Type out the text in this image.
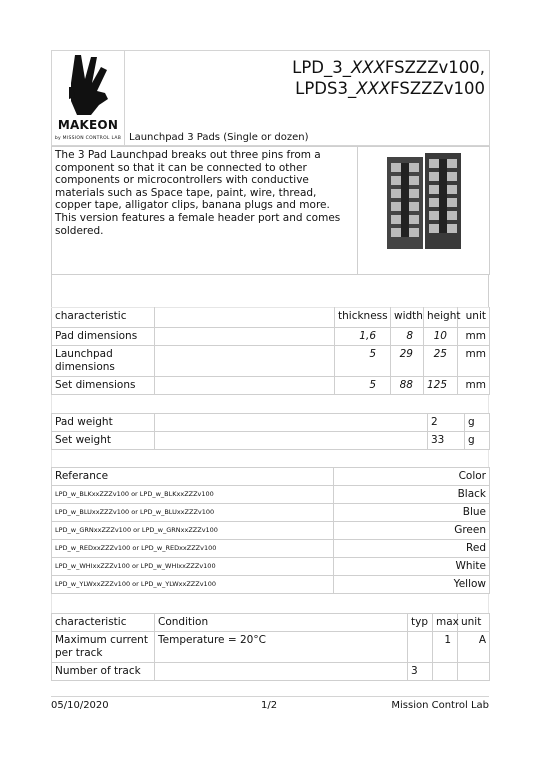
MAKEON
by MISSION CONTROL LAB

LPD_3_XXXFSZZZv100,
LPDS3_XXXFSZZZv100
Launchpad 3 Pads (Single or dozen)
The 3 Pad Launchpad breaks out three pins from a component so that it can be connected to other components or microcontrollers with conductive materials such as Space tape, paint, wire, thread, copper tape, alligator clips, banana plugs and more. This version features a female header port and comes soldered.	
characteristic		thickness	width	height	unit
Pad dimensions		1,6	8	10	mm
Launchpad dimensions		5	29	25	mm
Set dimensions		5	88	125	mm
Pad weight		2	g
Set weight		33	g
Referance	Color
LPD_w_BLKxxZZZv100 or LPD_w_BLKxxZZZv100	Black
LPD_w_BLUxxZZZv100 or LPD_w_BLUxxZZZv100	Blue
LPD_w_GRNxxZZZv100 or LPD_w_GRNxxZZZv100	Green
LPD_w_REDxxZZZv100 or LPD_w_REDxxZZZv100	Red
LPD_w_WHIxxZZZv100 or LPD_w_WHIxxZZZv100	White
LPD_w_YLWxxZZZv100 or LPD_w_YLWxxZZZv100	Yellow
characteristic	Condition	typ	max	unit
Maximum current per track	Temperature = 20°C		1	A
Number of track		3		
05/10/2020	1/2	Mission Control Lab
